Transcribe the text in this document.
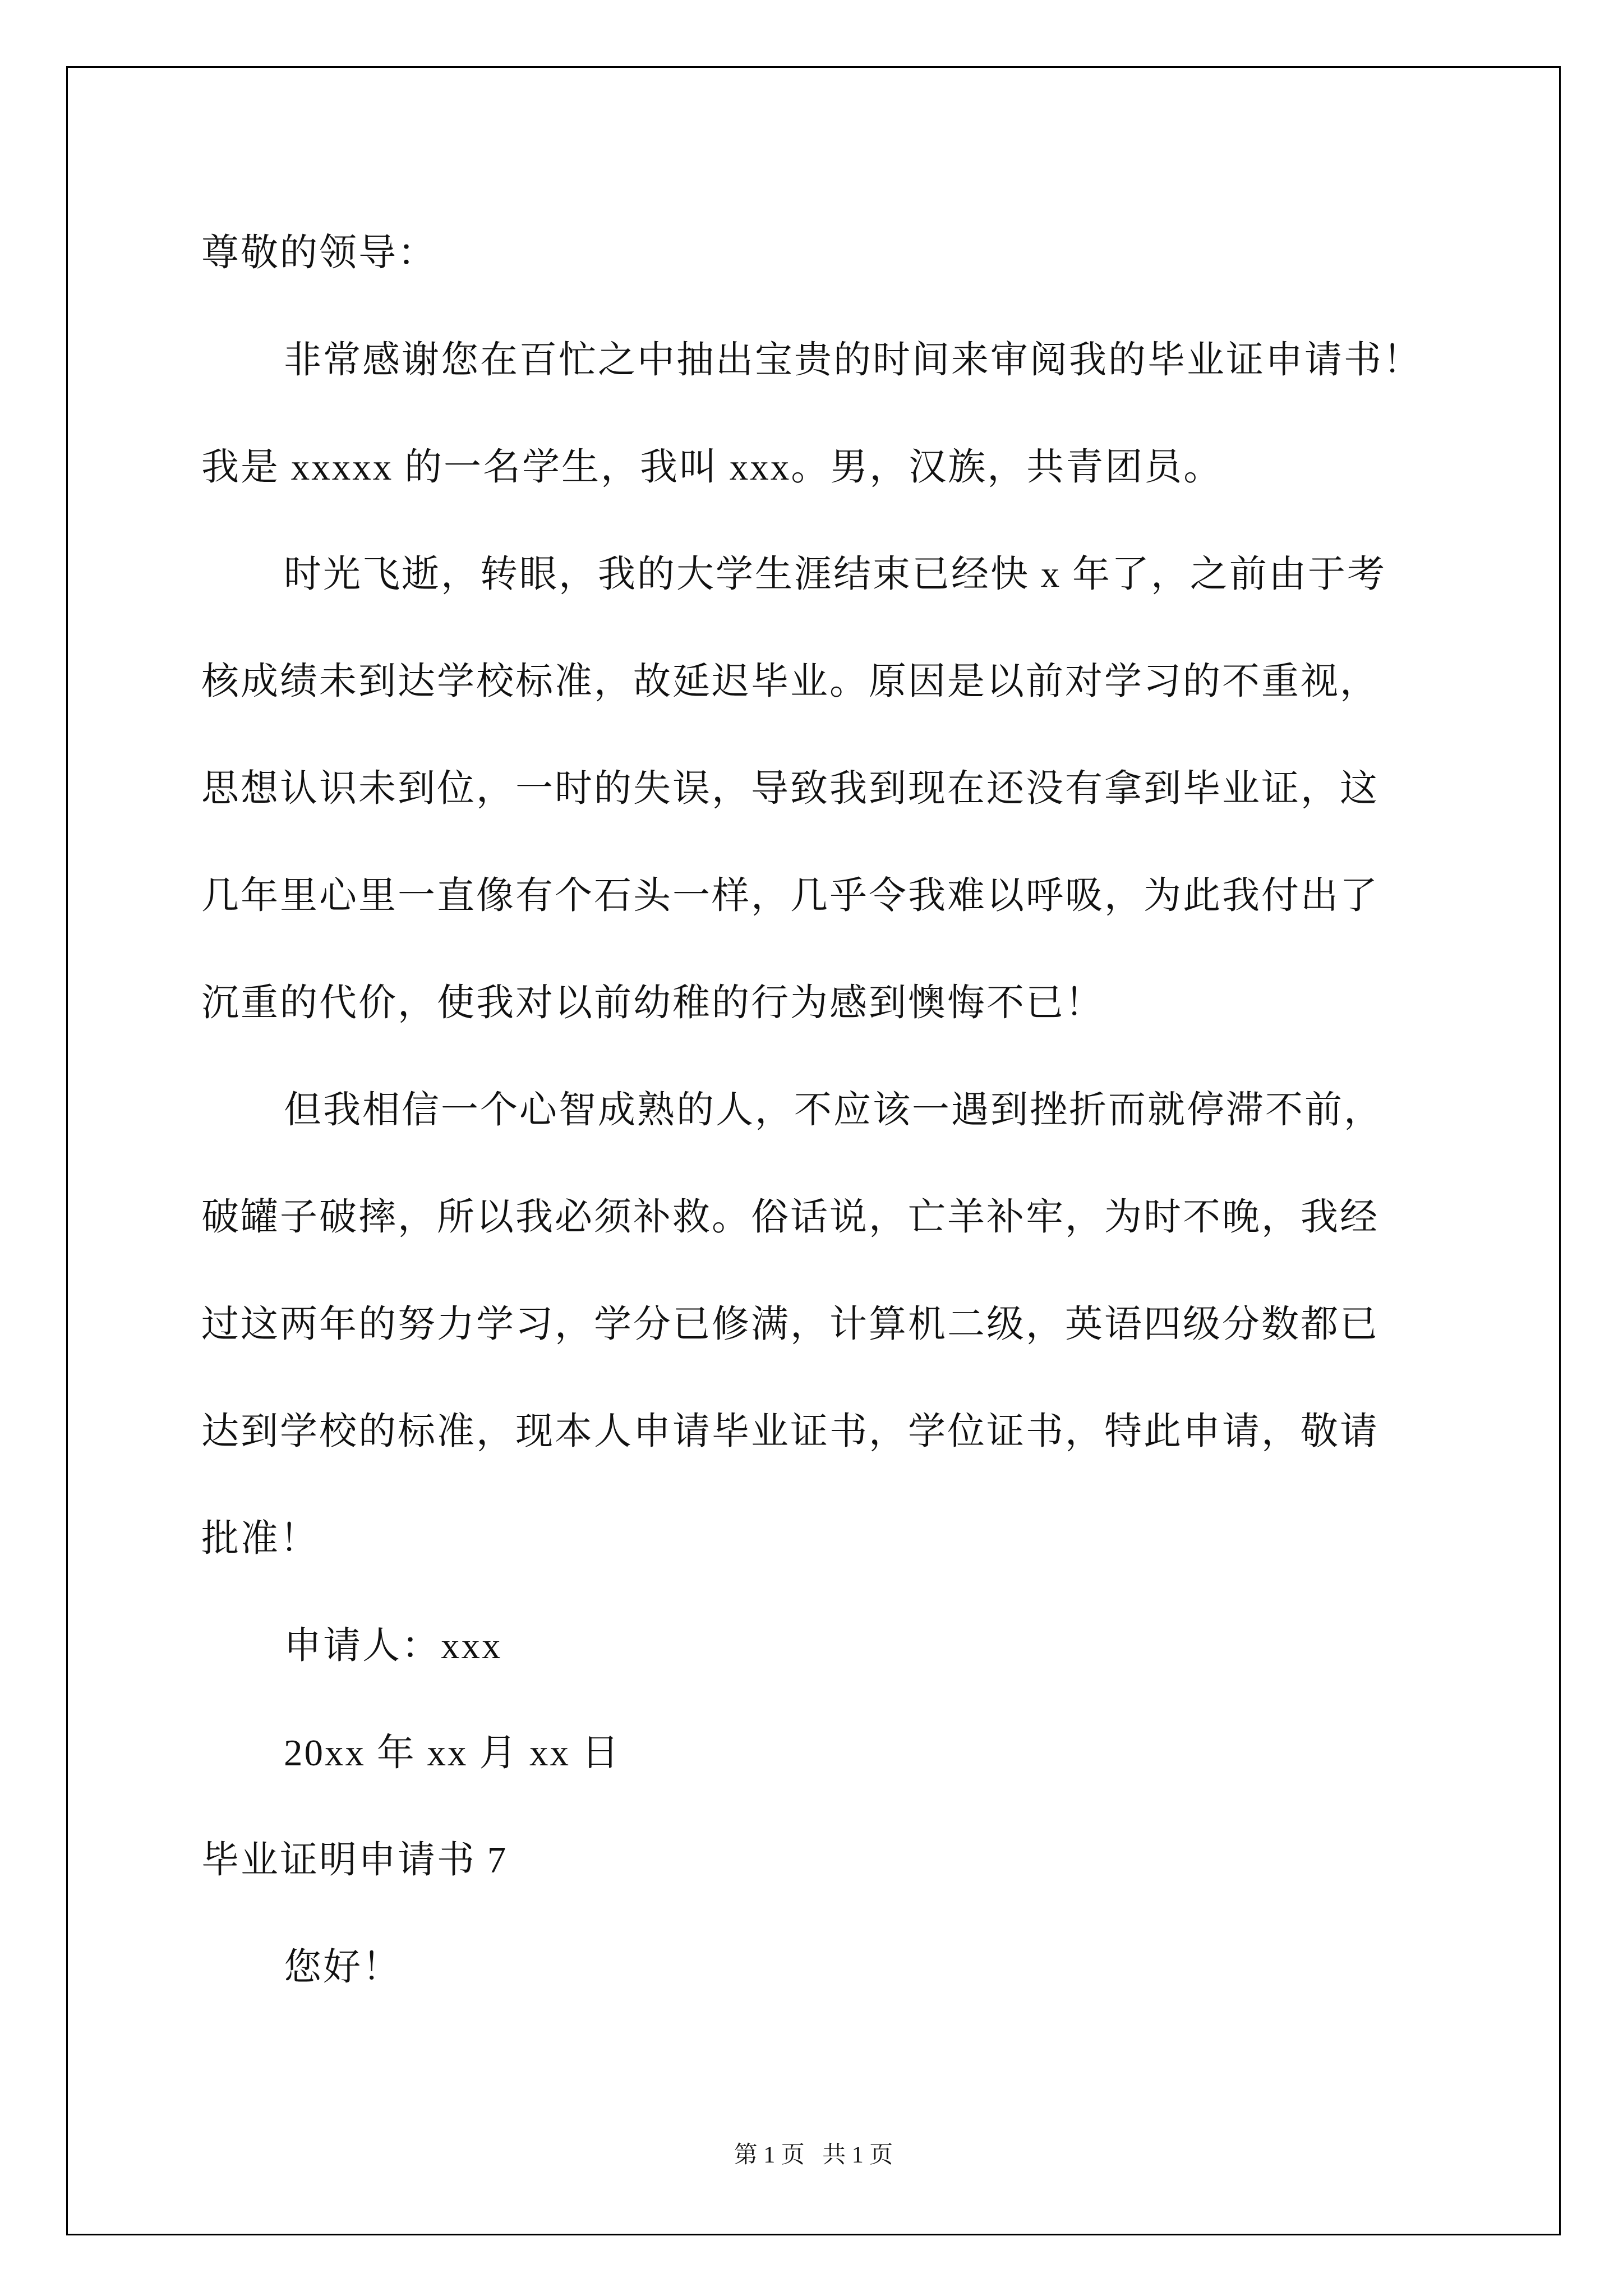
尊敬的领导：
非常感谢您在百忙之中抽出宝贵的时间来审阅我的毕业证申请书！
我是 xxxxx 的一名学生，我叫 xxx。男，汉族，共青团员。
时光飞逝，转眼，我的大学生涯结束已经快 x 年了，之前由于考
核成绩未到达学校标准，故延迟毕业。原因是以前对学习的不重视，
思想认识未到位，一时的失误，导致我到现在还没有拿到毕业证，这
几年里心里一直像有个石头一样，几乎令我难以呼吸，为此我付出了
沉重的代价，使我对以前幼稚的行为感到懊悔不已！
但我相信一个心智成熟的人，不应该一遇到挫折而就停滞不前，
破罐子破摔，所以我必须补救。俗话说，亡羊补牢，为时不晚，我经
过这两年的努力学习，学分已修满，计算机二级，英语四级分数都已
达到学校的标准，现本人申请毕业证书，学位证书，特此申请，敬请
批准！
申请人：xxx
20xx 年 xx 月 xx 日
毕业证明申请书 7
您好！
第 1 页   共 1 页
